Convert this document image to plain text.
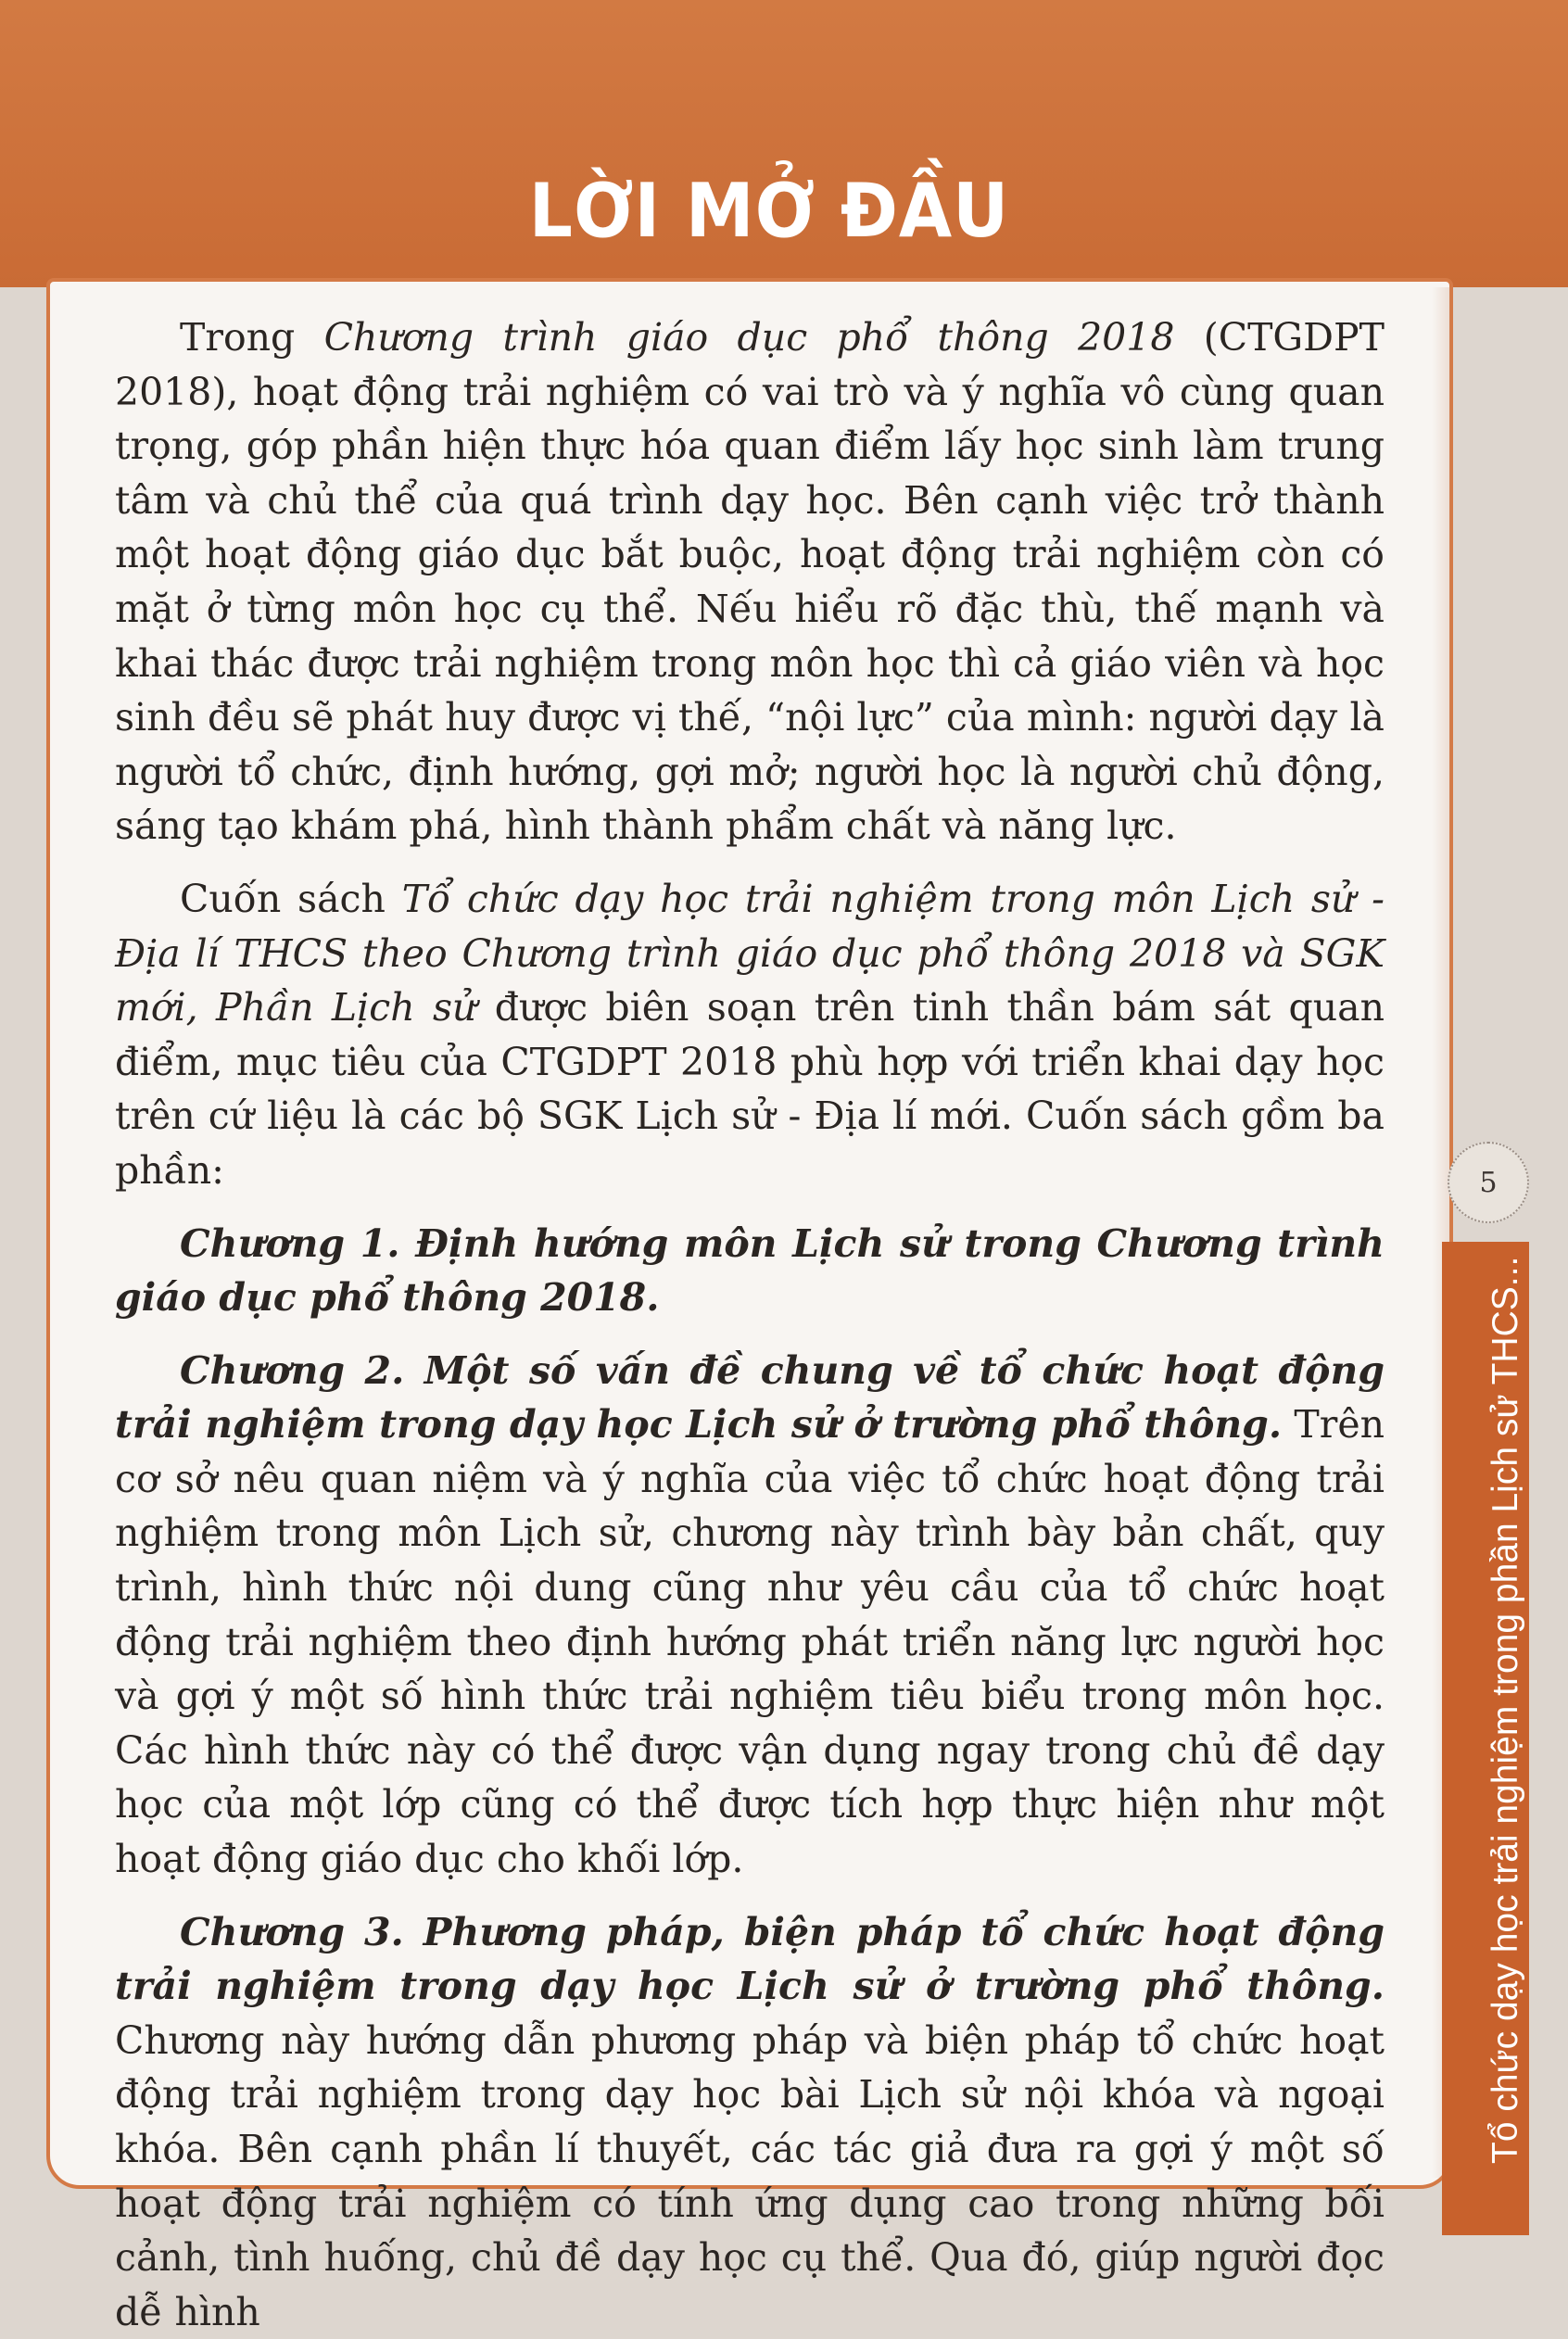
LỜI MỞ ĐẦU
5
Tổ chức dạy học trải nghiệm trong phần Lịch sử THCS...

Trong Chương trình giáo dục phổ thông 2018 (CTGDPT 2018), hoạt động trải nghiệm có vai trò và ý nghĩa vô cùng quan trọng, góp phần hiện thực hóa quan điểm lấy học sinh làm trung tâm và chủ thể của quá trình dạy học. Bên cạnh việc trở thành một hoạt động giáo dục bắt buộc, hoạt động trải nghiệm còn có mặt ở từng môn học cụ thể. Nếu hiểu rõ đặc thù, thế mạnh và khai thác được trải nghiệm trong môn học thì cả giáo viên và học sinh đều sẽ phát huy được vị thế, “nội lực” của mình: người dạy là người tổ chức, định hướng, gợi mở; người học là người chủ động, sáng tạo khám phá, hình thành phẩm chất và năng lực.

Cuốn sách Tổ chức dạy học trải nghiệm trong môn Lịch sử - Địa lí THCS theo Chương trình giáo dục phổ thông 2018 và SGK mới, Phần Lịch sử được biên soạn trên tinh thần bám sát quan điểm, mục tiêu của CTGDPT 2018 phù hợp với triển khai dạy học trên cứ liệu là các bộ SGK Lịch sử - Địa lí mới. Cuốn sách gồm ba phần:

Chương 1. Định hướng môn Lịch sử trong Chương trình giáo dục phổ thông 2018.

Chương 2. Một số vấn đề chung về tổ chức hoạt động trải nghiệm trong dạy học Lịch sử ở trường phổ thông. Trên cơ sở nêu quan niệm và ý nghĩa của việc tổ chức hoạt động trải nghiệm trong môn Lịch sử, chương này trình bày bản chất, quy trình, hình thức nội dung cũng như yêu cầu của tổ chức hoạt động trải nghiệm theo định hướng phát triển năng lực người học và gợi ý một số hình thức trải nghiệm tiêu biểu trong môn học. Các hình thức này có thể được vận dụng ngay trong chủ đề dạy học của một lớp cũng có thể được tích hợp thực hiện như một hoạt động giáo dục cho khối lớp.

Chương 3. Phương pháp, biện pháp tổ chức hoạt động trải nghiệm trong dạy học Lịch sử ở trường phổ thông. Chương này hướng dẫn phương pháp và biện pháp tổ chức hoạt động trải nghiệm trong dạy học bài Lịch sử nội khóa và ngoại khóa. Bên cạnh phần lí thuyết, các tác giả đưa ra gợi ý một số hoạt động trải nghiệm có tính ứng dụng cao trong những bối cảnh, tình huống, chủ đề dạy học cụ thể. Qua đó, giúp người đọc dễ hình
